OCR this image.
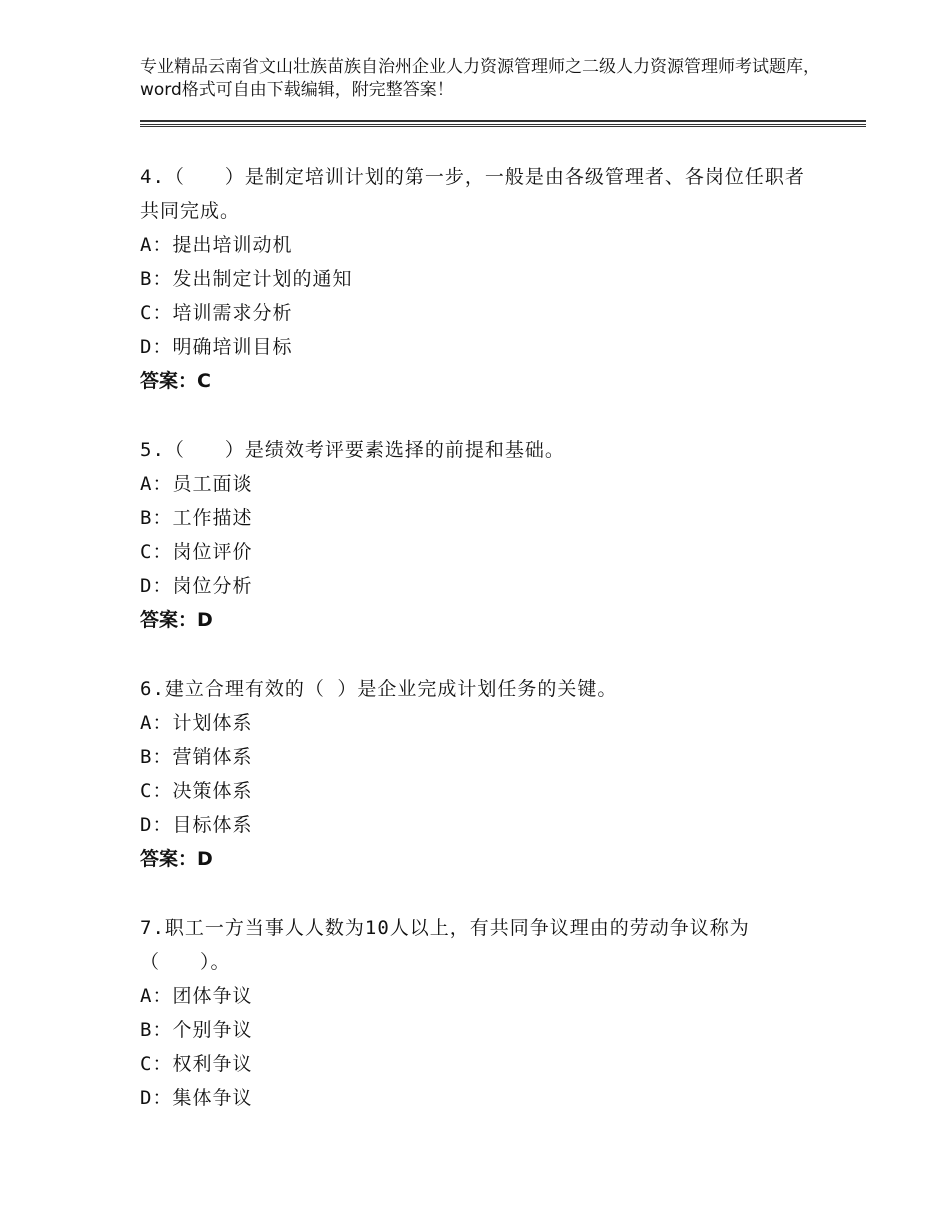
专业精品云南省文山壮族苗族自治州企业人力资源管理师之二级人力资源管理师考试题库，word格式可自由下载编辑，附完整答案！
4.（　　）是制定培训计划的第一步，一般是由各级管理者、各岗位任职者共同完成。
A：提出培训动机
B：发出制定计划的通知
C：培训需求分析
D：明确培训目标
答案：C
5.（　　）是绩效考评要素选择的前提和基础。
A：员工面谈
B：工作描述
C：岗位评价
D：岗位分析
答案：D
6.建立合理有效的（ ）是企业完成计划任务的关键。
A：计划体系
B：营销体系
C：决策体系
D：目标体系
答案：D
7.职工一方当事人人数为10人以上，有共同争议理由的劳动争议称为（　　）。
A：团体争议
B：个别争议
C：权利争议
D：集体争议
